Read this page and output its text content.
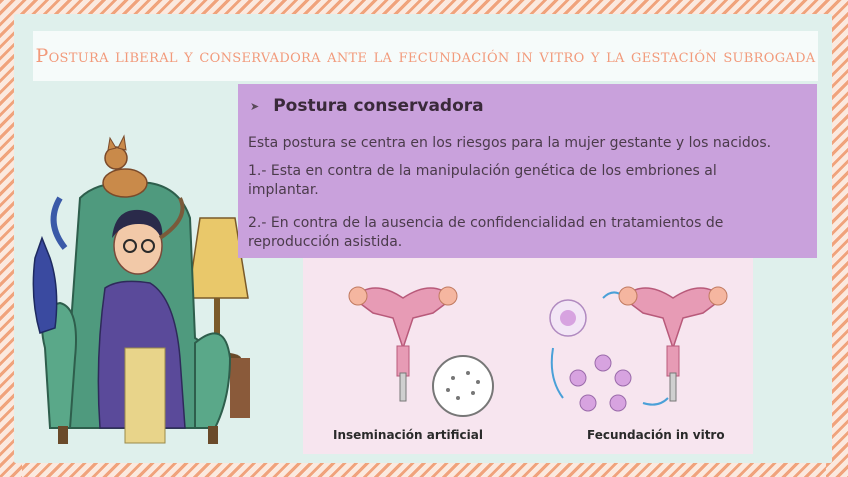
Postura liberal y conservadora ante la fecundación in vitro y la gestación subrogada
➤ Postura conservadora
Esta postura se centra en los riesgos para la mujer gestante y los nacidos.
1.- Esta en contra de la manipulación genética de los embriones al implantar.
2.- En contra de la ausencia de confidencialidad en tratamientos de reproducción asistida.
Inseminación artificial	Fecundación in vitro
